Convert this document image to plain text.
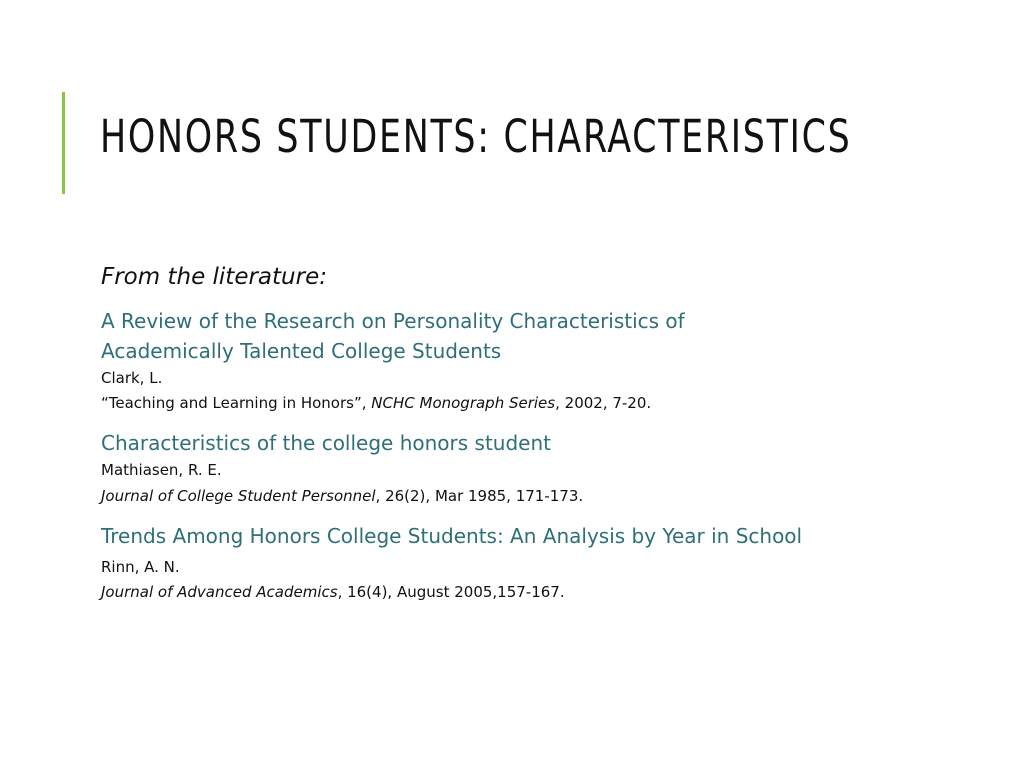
HONORS STUDENTS: CHARACTERISTICS

From the literature:

A Review of the Research on Personality Characteristics of
Academically Talented College Students

Clark, L.

“Teaching and Learning in Honors”, NCHC Monograph Series, 2002, 7-20.

Characteristics of the college honors student

Mathiasen, R. E.

Journal of College Student Personnel, 26(2), Mar 1985, 171-173.

Trends Among Honors College Students: An Analysis by Year in School

Rinn, A. N.

Journal of Advanced Academics, 16(4), August 2005,157-167.
